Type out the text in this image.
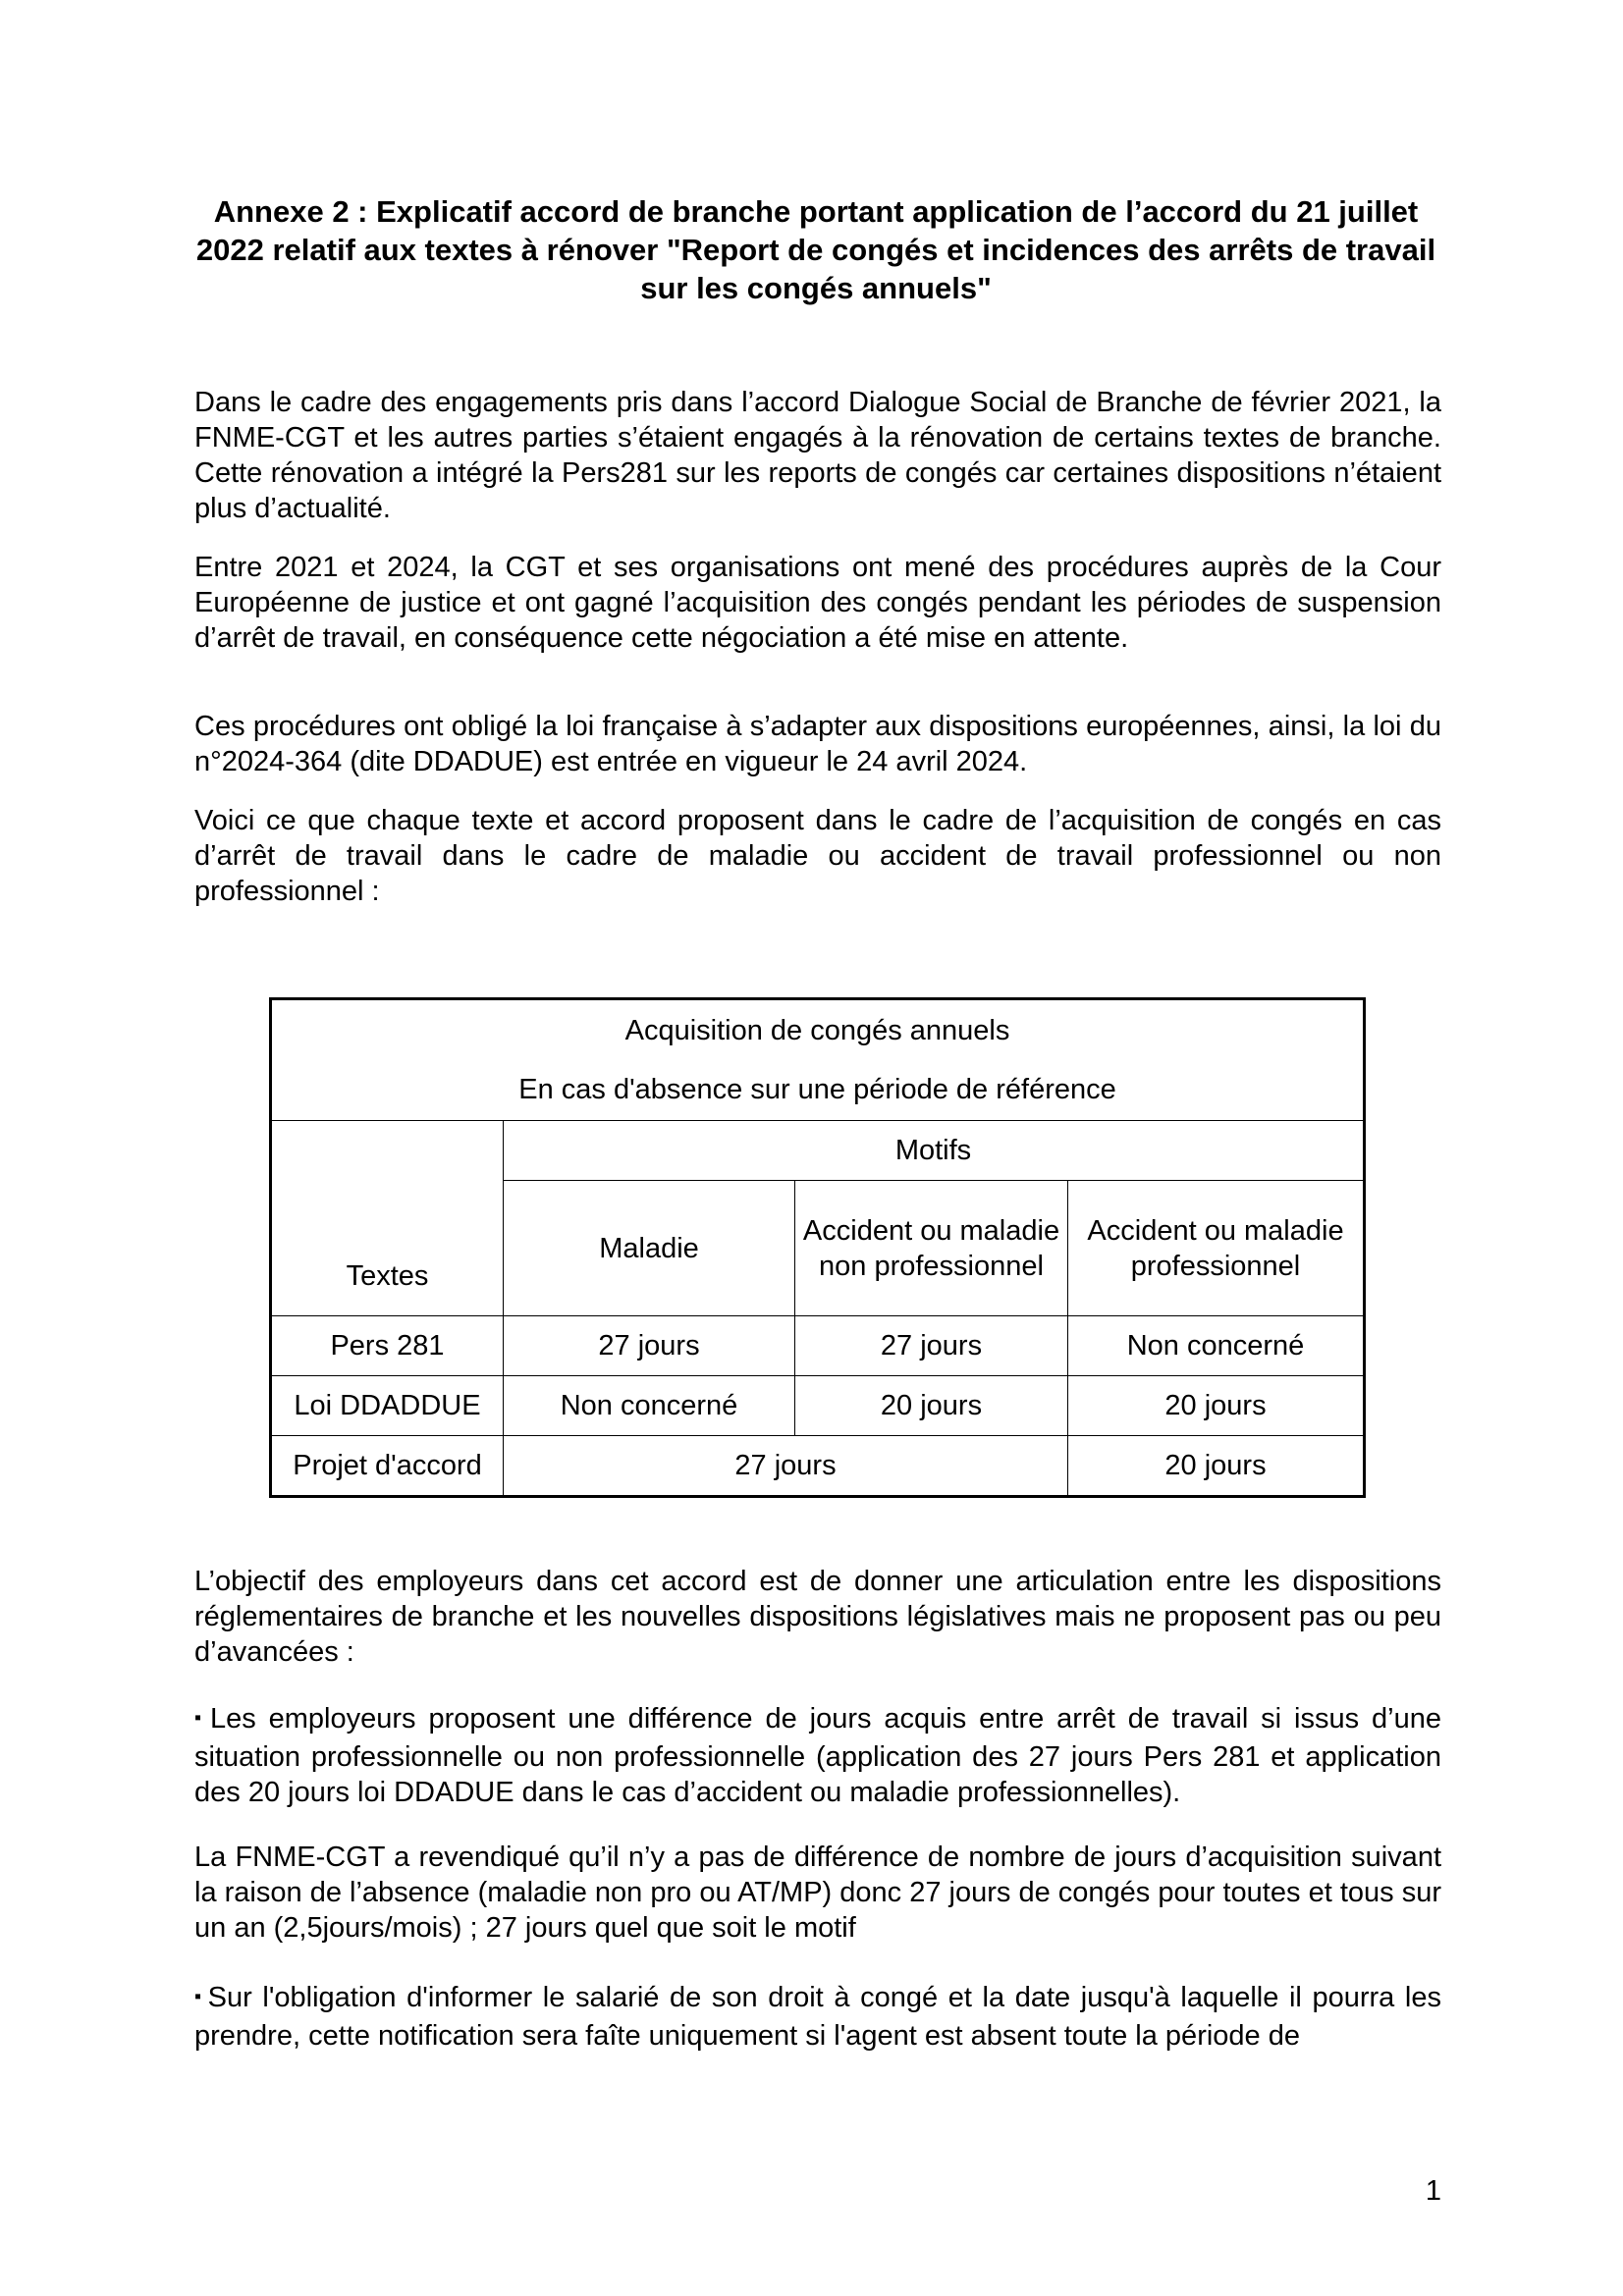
Annexe 2 : Explicatif accord de branche portant application de l’accord du 21 juillet 2022 relatif aux textes à rénover "Report de congés et incidences des arrêts de travail sur les congés annuels"

Dans le cadre des engagements pris dans l’accord Dialogue Social de Branche de février 2021, la FNME-CGT et les autres parties s’étaient engagés à la rénovation de certains textes de branche. Cette rénovation a intégré la Pers281 sur les reports de congés car certaines dispositions n’étaient plus d’actualité.

Entre 2021 et 2024, la CGT et ses organisations ont mené des procédures auprès de la Cour Européenne de justice et ont gagné l’acquisition des congés pendant les périodes de suspension d’arrêt de travail, en conséquence cette négociation a été mise en attente.

Ces procédures ont obligé la loi française à s’adapter aux dispositions européennes, ainsi, la loi du n°2024-364 (dite DDADUE) est entrée en vigueur le 24 avril 2024.

Voici ce que chaque texte et accord proposent dans le cadre de l’acquisition de congés en cas d’arrêt de travail dans le cadre de maladie ou accident de travail professionnel ou non professionnel :

Acquisition de congés annuels
En cas d'absence sur une période de référence			

Textes	Motifs		
	Maladie	Accident ou maladie non professionnel	Accident ou maladie professionnel
Pers 281	27 jours	27 jours	Non concerné
Loi DDADDUE	Non concerné	20 jours	20 jours
Projet d'accord	27 jours		20 jours

L’objectif des employeurs dans cet accord est de donner une articulation entre les dispositions réglementaires de branche et les nouvelles dispositions législatives mais ne proposent pas ou peu d’avancées :

▪ Les employeurs proposent une différence de jours acquis entre arrêt de travail si issus d’une situation professionnelle ou non professionnelle (application des 27 jours Pers 281 et application des 20 jours loi DDADUE dans le cas d’accident ou maladie professionnelles).

La FNME-CGT a revendiqué qu’il n’y a pas de différence de nombre de jours d’acquisition suivant la raison de l’absence (maladie non pro ou AT/MP) donc 27 jours de congés pour toutes et tous sur un an (2,5jours/mois) ; 27 jours quel que soit le motif

▪ Sur l'obligation d'informer le salarié de son droit à congé et la date jusqu'à laquelle il pourra les prendre, cette notification sera faîte uniquement si l'agent est absent toute la période de

1
